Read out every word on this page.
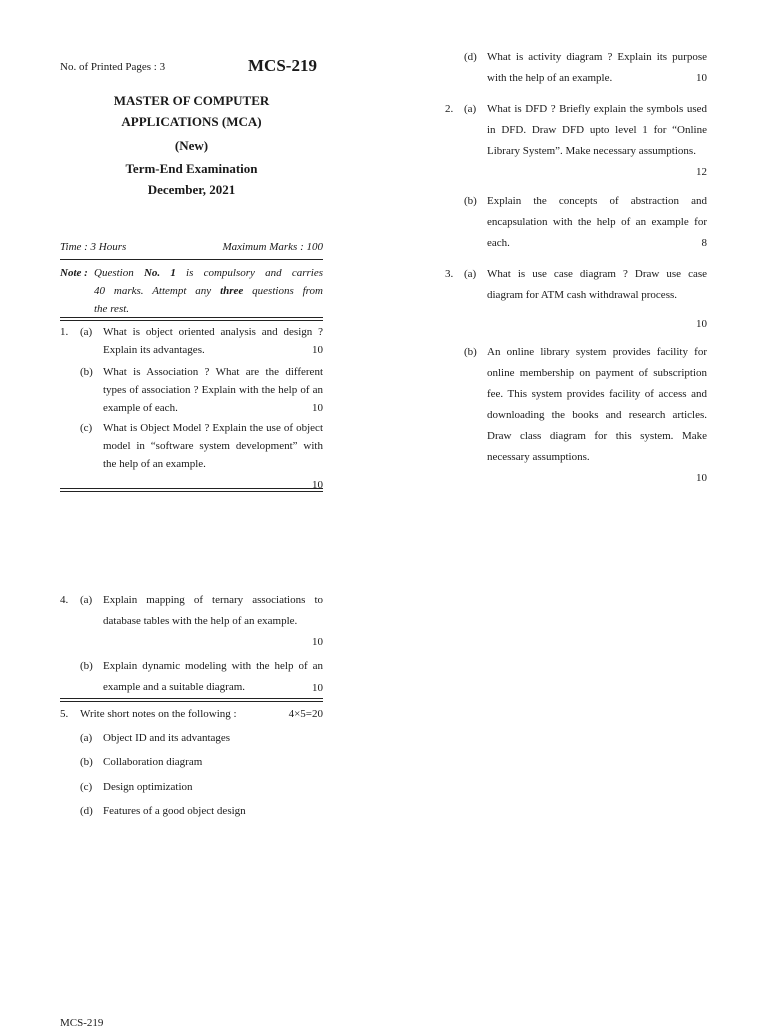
No. of Printed Pages : 3	MCS-219
MASTER OF COMPUTER
APPLICATIONS (MCA)
(New)
Term-End Examination
December, 2021
Time : 3 Hours	Maximum Marks : 100
Note : Question No. 1 is compulsory and carries
40 marks. Attempt any three questions from
the rest.
1.	(a) What is object oriented analysis and design ? Explain its advantages.	10
(b) What is Association ? What are the different types of association ? Explain with the help of an example of each.	10
(c) What is Object Model ? Explain the use of object model in “software system development” with the help of an example.
10
(d) What is activity diagram ? Explain its purpose with the help of an example.	10
2. (a) What is DFD ? Briefly explain the symbols used in DFD. Draw DFD upto level 1 for “Online Library System”. Make necessary assumptions.
12
(b) Explain the concepts of abstraction and encapsulation with the help of an example for each.	8
3. (a) What is use case diagram ? Draw use case diagram for ATM cash withdrawal process.
10
(b) An online library system provides facility for online membership on payment of subscription fee. This system provides facility of access and downloading the books and research articles. Draw class diagram for this system. Make necessary assumptions.
10
4.	(a) Explain mapping of ternary associations to database tables with the help of an example.
10
(b) Explain dynamic modeling with the help of an example and a suitable diagram.	10
5.	Write short notes on the following :	4×5=20
(a) Object ID and its advantages
(b) Collaboration diagram
(c) Design optimization
(d) Features of a good object design
MCS-219
